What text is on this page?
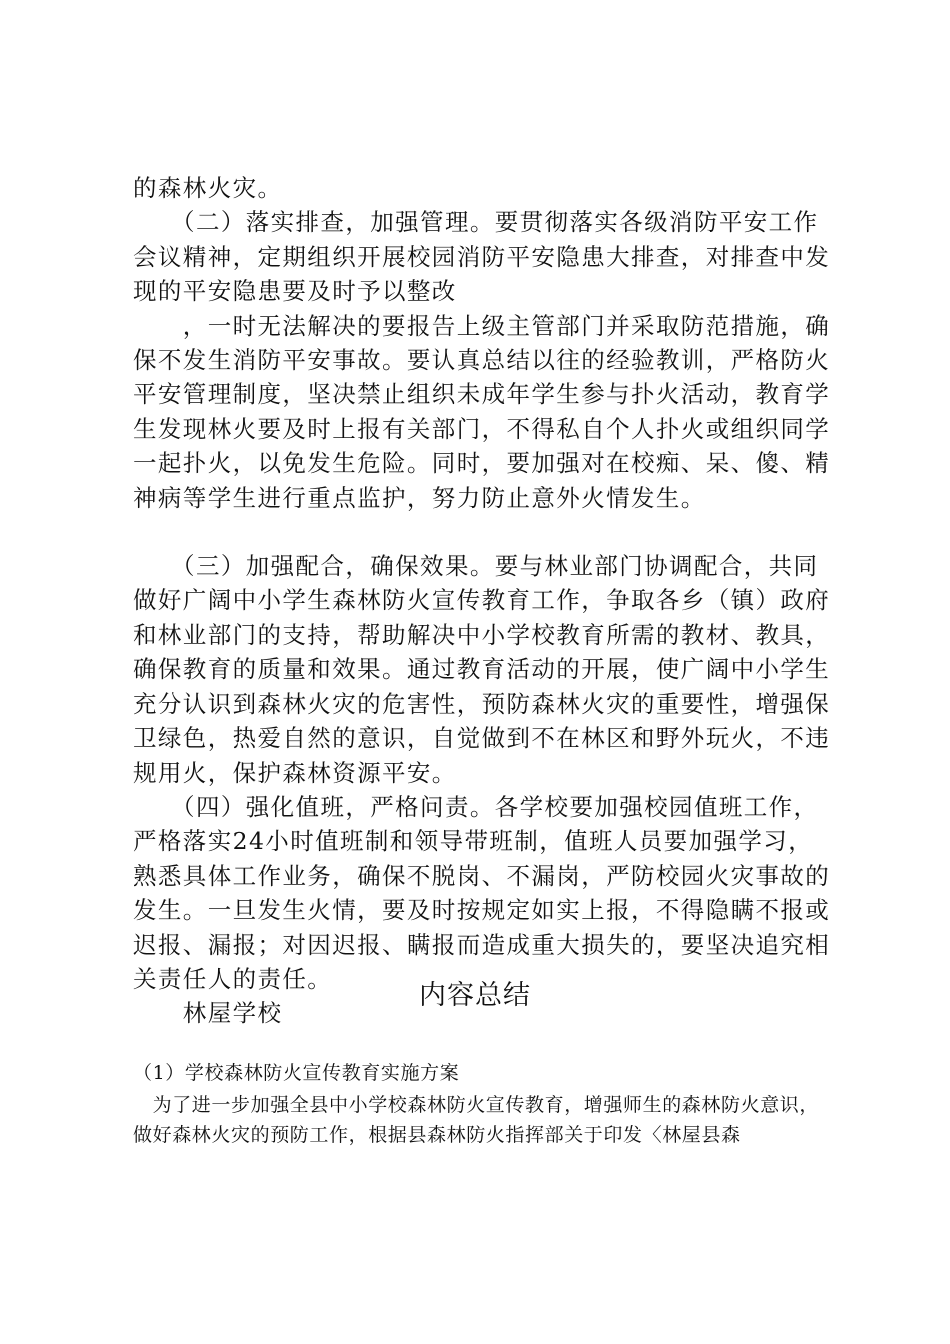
的森林火灾。

　　（二）落实排查，加强管理。要贯彻落实各级消防平安工作会议精神，定期组织开展校园消防平安隐患大排查，对排查中发现的平安隐患要及时予以整改

　　，一时无法解决的要报告上级主管部门并采取防范措施，确保不发生消防平安事故。要认真总结以往的经验教训，严格防火平安管理制度，坚决禁止组织未成年学生参与扑火活动，教育学生发现林火要及时上报有关部门，不得私自个人扑火或组织同学一起扑火，以免发生危险。同时，要加强对在校痴、呆、傻、精神病等学生进行重点监护，努力防止意外火情发生。

　　（三）加强配合，确保效果。要与林业部门协调配合，共同做好广阔中小学生森林防火宣传教育工作，争取各乡（镇）政府和林业部门的支持，帮助解决中小学校教育所需的教材、教具，确保教育的质量和效果。通过教育活动的开展，使广阔中小学生充分认识到森林火灾的危害性，预防森林火灾的重要性，增强保卫绿色，热爱自然的意识，自觉做到不在林区和野外玩火，不违规用火，保护森林资源平安。

　　（四）强化值班，严格问责。各学校要加强校园值班工作，严格落实24小时值班制和领导带班制，值班人员要加强学习，熟悉具体工作业务，确保不脱岗、不漏岗，严防校园火灾事故的发生。一旦发生火情，要及时按规定如实上报，不得隐瞒不报或迟报、漏报；对因迟报、瞒报而造成重大损失的，要坚决追究相关责任人的责任。

　　林屋学校

内容总结

（1）学校森林防火宣传教育实施方案

　为了进一步加强全县中小学校森林防火宣传教育，增强师生的森林防火意识，做好森林火灾的预防工作，根据县森林防火指挥部关于印发〈林屋县森
